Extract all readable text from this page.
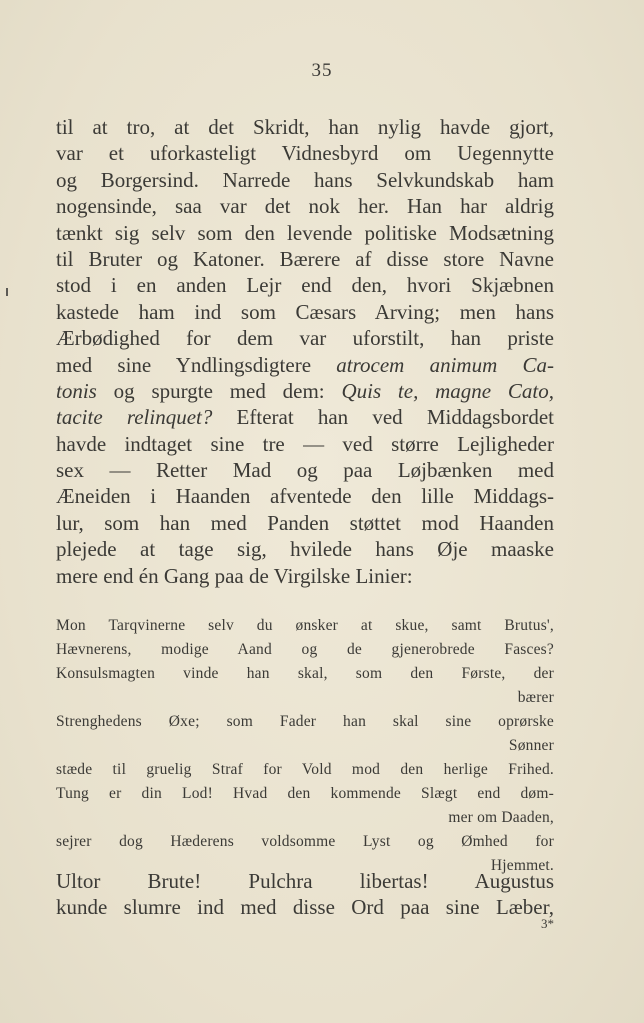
35
til at tro, at det Skridt, han nylig havde gjort,
var et uforkasteligt Vidnesbyrd om Uegennytte
og Borgersind. Narrede hans Selvkundskab ham
nogensinde, saa var det nok her. Han har aldrig
tænkt sig selv som den levende politiske Modsætning
til Bruter og Katoner. Bærere af disse store Navne
stod i en anden Lejr end den, hvori Skjæbnen
kastede ham ind som Cæsars Arving; men hans
Ærbødighed for dem var uforstilt, han priste
med sine Yndlingsdigtere atrocem animum Ca-
tonis og spurgte med dem: Quis te, magne Cato,
tacite relinquet? Efterat han ved Middagsbordet
havde indtaget sine tre — ved større Lejligheder
sex — Retter Mad og paa Løjbænken med
Æneiden i Haanden afventede den lille Middags-
lur, som han med Panden støttet mod Haanden
plejede at tage sig, hvilede hans Øje maaske
mere end én Gang paa de Virgilske Linier:
Mon Tarqvinerne selv du ønsker at skue, samt Brutus',
Hævnerens, modige Aand og de gjenerobrede Fasces?
Konsulsmagten vinde han skal, som den Første, der
bærer
Strenghedens Øxe; som Fader han skal sine oprørske
Sønner
stæde til gruelig Straf for Vold mod den herlige Frihed.
Tung er din Lod! Hvad den kommende Slægt end døm-
mer om Daaden,
sejrer dog Hæderens voldsomme Lyst og Ømhed for
Hjemmet.
Ultor Brute! Pulchra libertas! Augustus
kunde slumre ind med disse Ord paa sine Læber,
3*
